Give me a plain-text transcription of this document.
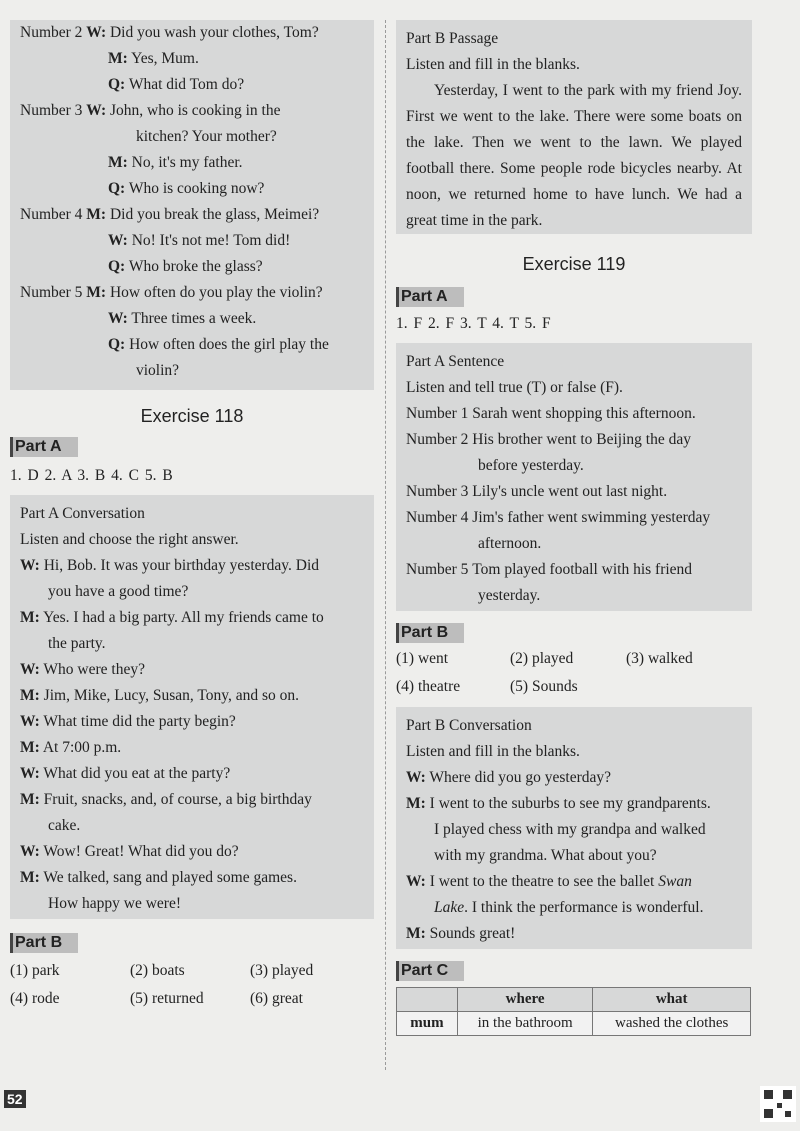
Number 2 W: Did you wash your clothes, Tom?
M: Yes, Mum.
Q: What did Tom do?
Number 3 W: John, who is cooking in the
kitchen? Your mother?
M: No, it's my father.
Q: Who is cooking now?
Number 4 M: Did you break the glass, Meimei?
W: No! It's not me! Tom did!
Q: Who broke the glass?
Number 5 M: How often do you play the violin?
W: Three times a week.
Q: How often does the girl play the
violin?
Exercise 118
Part A
1. D 2. A 3. B 4. C 5. B
Part A Conversation
Listen and choose the right answer.
W: Hi, Bob. It was your birthday yesterday. Did
you have a good time?
M: Yes. I had a big party. All my friends came to
the party.
W: Who were they?
M: Jim, Mike, Lucy, Susan, Tony, and so on.
W: What time did the party begin?
M: At 7:00 p.m.
W: What did you eat at the party?
M: Fruit, snacks, and, of course, a big birthday
cake.
W: Wow! Great! What did you do?
M: We talked, sang and played some games.
How happy we were!
Part B
(1) park	(2) boats	(3) played
(4) rode	(5) returned	(6) great
Part B Passage
Listen and fill in the blanks.
Yesterday, I went to the park with my friend Joy. First we went to the lake. There were some boats on the lake. Then we went to the lawn. We played football there. Some people rode bicycles nearby. At noon, we returned home to have lunch. We had a great time in the park.
Exercise 119
Part A
1. F 2. F 3. T 4. T 5. F
Part A Sentence
Listen and tell true (T) or false (F).
Number 1 Sarah went shopping this afternoon.
Number 2 His brother went to Beijing the day
before yesterday.
Number 3 Lily's uncle went out last night.
Number 4 Jim's father went swimming yesterday
afternoon.
Number 5 Tom played football with his friend
yesterday.
Part B
(1) went	(2) played	(3) walked
(4) theatre	(5) Sounds
Part B Conversation
Listen and fill in the blanks.
W: Where did you go yesterday?
M: I went to the suburbs to see my grandparents.
I played chess with my grandpa and walked
with my grandma. What about you?
W: I went to the theatre to see the ballet Swan
Lake. I think the performance is wonderful.
M: Sounds great!
Part C
	where	what
mum	in the bathroom	washed the clothes
52
